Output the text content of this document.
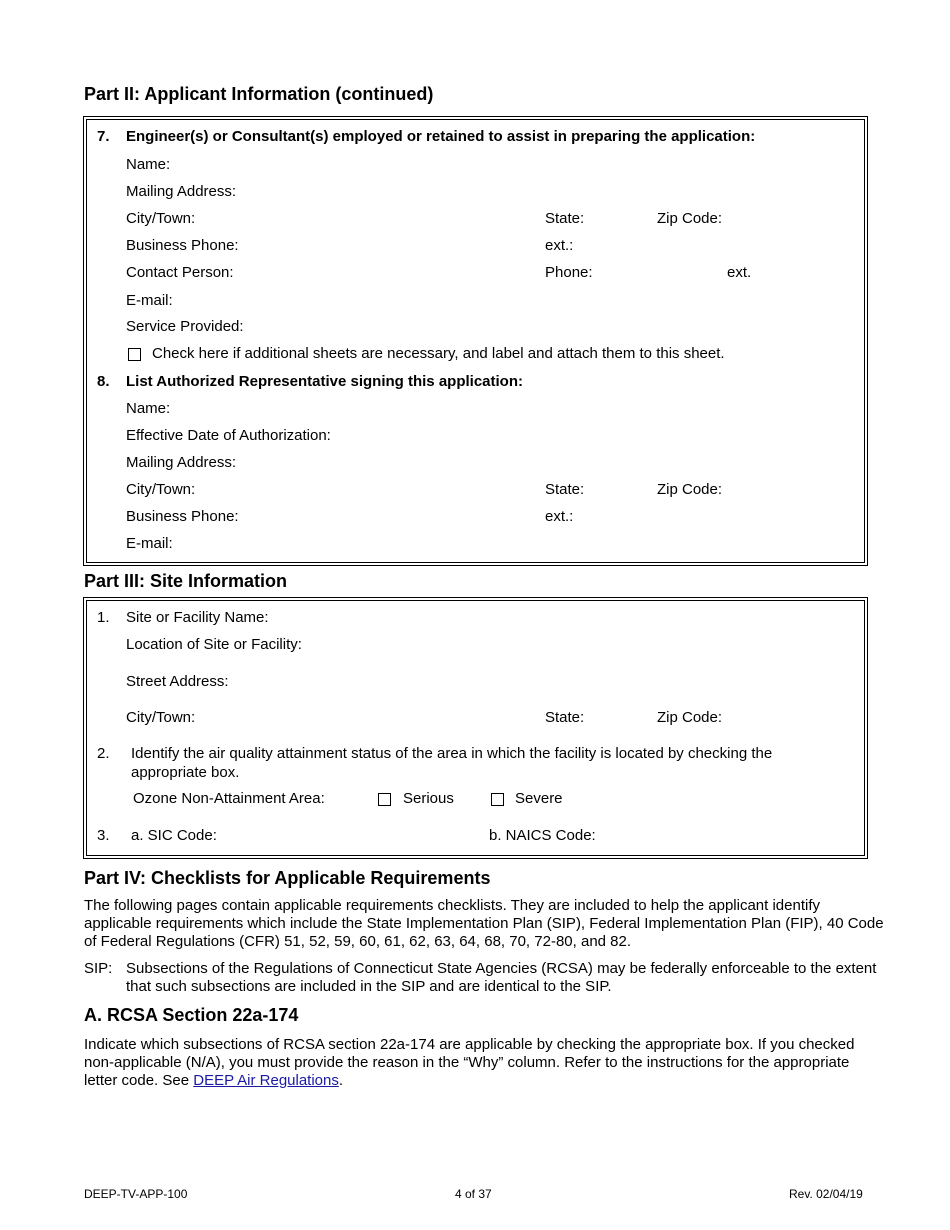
Part II: Applicant Information (continued)
7. Engineer(s) or Consultant(s) employed or retained to assist in preparing the application:
Name:
Mailing Address:
City/Town:	State:	Zip Code:
Business Phone:	ext.:
Contact Person:	Phone:	ext.
E-mail:
Service Provided:
Check here if additional sheets are necessary, and label and attach them to this sheet.
8. List Authorized Representative signing this application:
Name:
Effective Date of Authorization:
Mailing Address:
City/Town:	State:	Zip Code:
Business Phone:	ext.:
E-mail:
Part III: Site Information
1. Site or Facility Name:
Location of Site or Facility:
Street Address:
City/Town:	State:	Zip Code:
2. Identify the air quality attainment status of the area in which the facility is located by checking the
appropriate box.
Ozone Non-Attainment Area:	Serious	Severe
3. a. SIC Code:	b. NAICS Code:
Part IV: Checklists for Applicable Requirements
The following pages contain applicable requirements checklists. They are included to help the applicant identify applicable requirements which include the State Implementation Plan (SIP), Federal Implementation Plan (FIP), 40 Code of Federal Regulations (CFR) 51, 52, 59, 60, 61, 62, 63, 64, 68, 70, 72-80, and 82.
SIP: Subsections of the Regulations of Connecticut State Agencies (RCSA) may be federally enforceable to the extent that such subsections are included in the SIP and are identical to the SIP.
A. RCSA Section 22a-174
Indicate which subsections of RCSA section 22a-174 are applicable by checking the appropriate box. If you checked non-applicable (N/A), you must provide the reason in the “Why” column. Refer to the instructions for the appropriate letter code. See DEEP Air Regulations.
DEEP-TV-APP-100	4 of 37	Rev. 02/04/19
